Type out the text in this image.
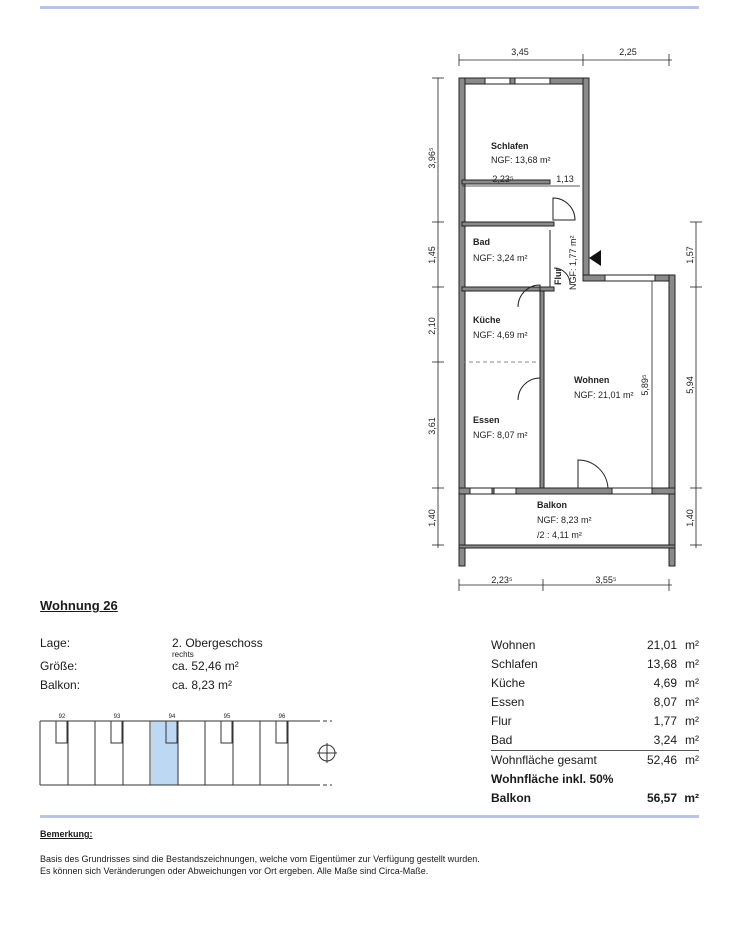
3,45	2,25
3,96⁵
1,45
2,10
3,61
1,40
1,57
5,94
1,40
2,23⁵	3,55⁵
2,23⁵	1,13
5,89⁵
Schlafen
NGF: 13,68 m²
Bad
NGF: 3,24 m²
Flur NGF: 1,77 m²
Küche
NGF: 4,69 m²
Wohnen
NGF: 21,01 m²
Essen
NGF: 8,07 m²
Balkon
NGF: 8,23 m²
/2 : 4,11 m²
Wohnung 26
Lage:	2. Obergeschoss
rechts
Größe:	ca. 52,46 m²
Balkon:	ca. 8,23 m²
92	93	94	95	96
Wohnen	21,01 m²
Schlafen	13,68 m²
Küche	4,69 m²
Essen	8,07 m²
Flur	1,77 m²
Bad	3,24 m²
Wohnfläche gesamt	52,46 m²
Wohnfläche inkl. 50%
Balkon	56,57 m²
Bemerkung:
Basis des Grundrisses sind die Bestandszeichnungen, welche vom Eigentümer zur Verfügung gestellt wurden.
Es können sich Veränderungen oder Abweichungen vor Ort ergeben. Alle Maße sind Circa-Maße.
